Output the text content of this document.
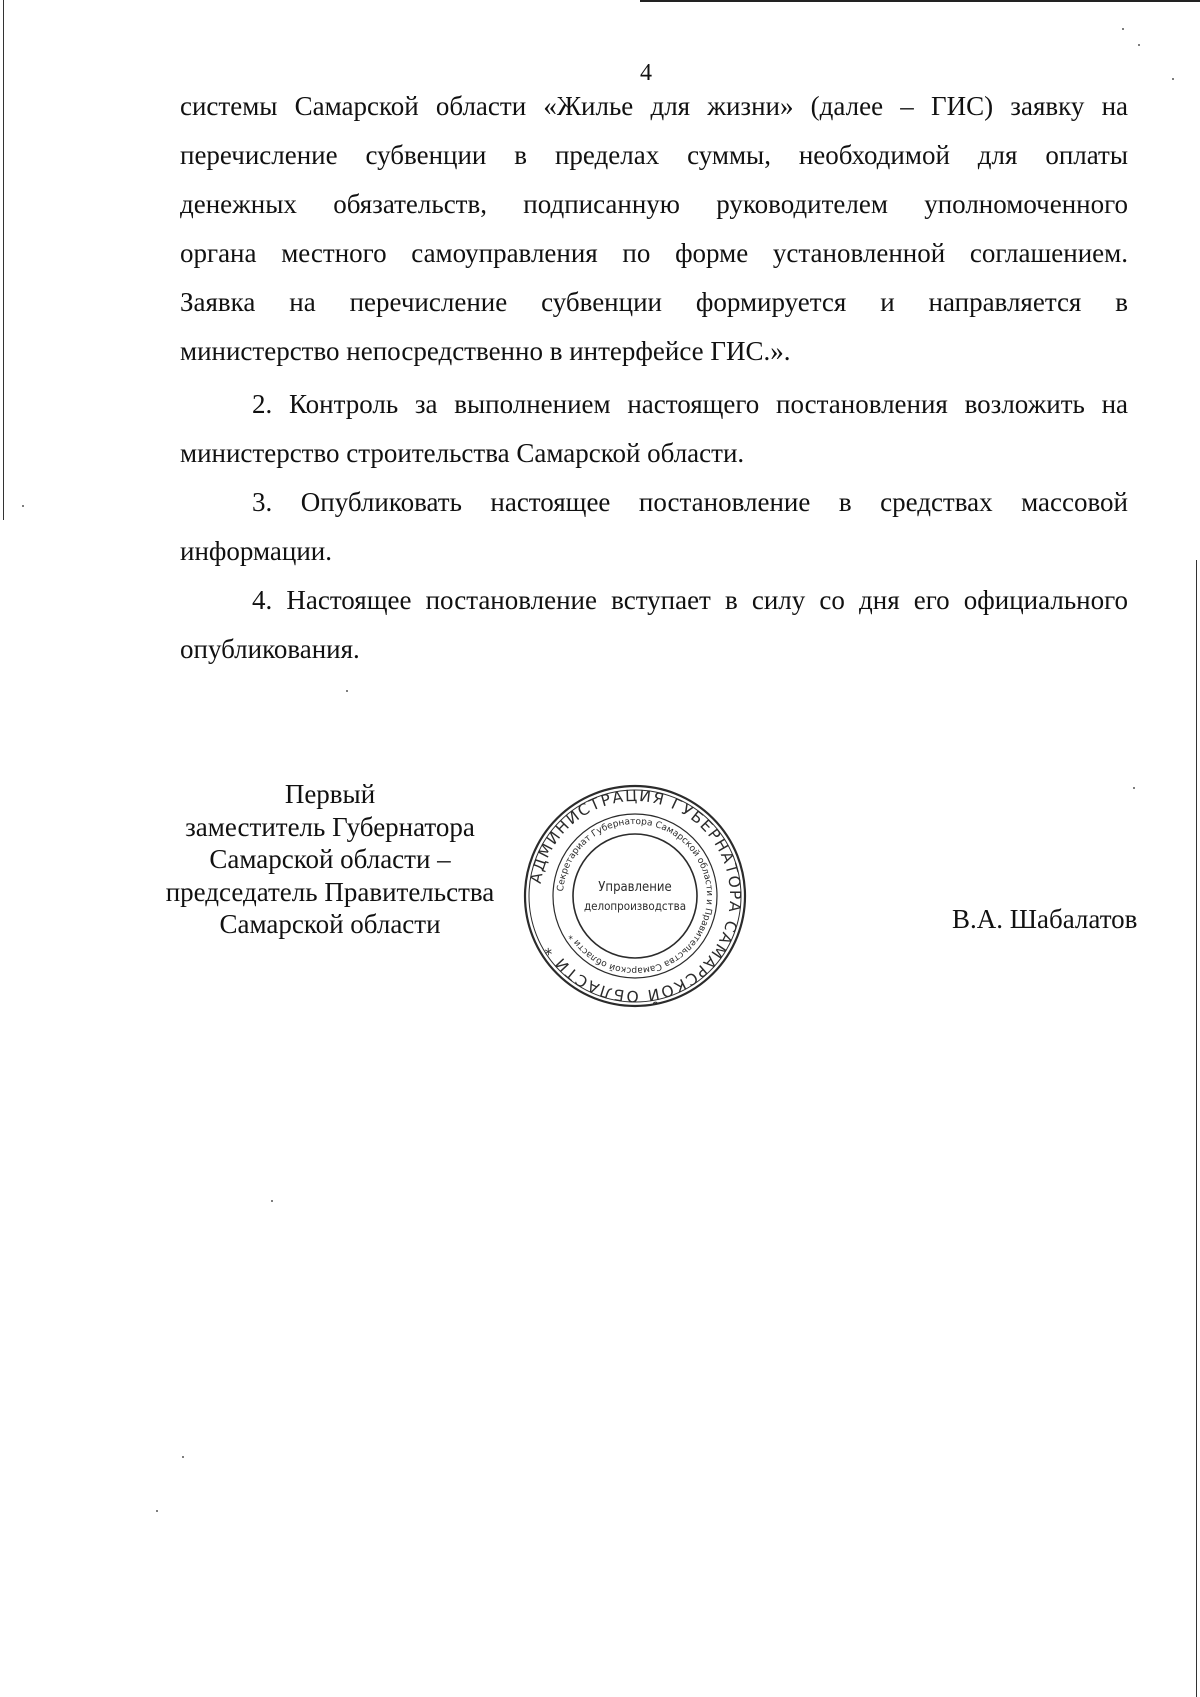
4

системы Самарской области «Жилье для жизни» (далее – ГИС) заявку на

перечисление субвенции в пределах суммы, необходимой для оплаты

денежных обязательств, подписанную руководителем уполномоченного

органа местного самоуправления по форме установленной соглашением.

Заявка на перечисление субвенции формируется и направляется в

министерство непосредственно в интерфейсе ГИС.».

2. Контроль за выполнением настоящего постановления возложить на

министерство строительства Самарской области.

3. Опубликовать настоящее постановление в средствах массовой

информации.

4. Настоящее постановление вступает в силу со дня его официального

опубликования.

Первый
заместитель Губернатора
Самарской области –
председатель Правительства
Самарской области
АДМИНИСТРАЦИЯ ГУБЕРНАТОРА САМАРСКОЙ ОБЛАСТИ *
Секретариат Губернатора Самарской области и Правительства Самарской области *
Управление
делопроизводства	В.А. Шабалатов
